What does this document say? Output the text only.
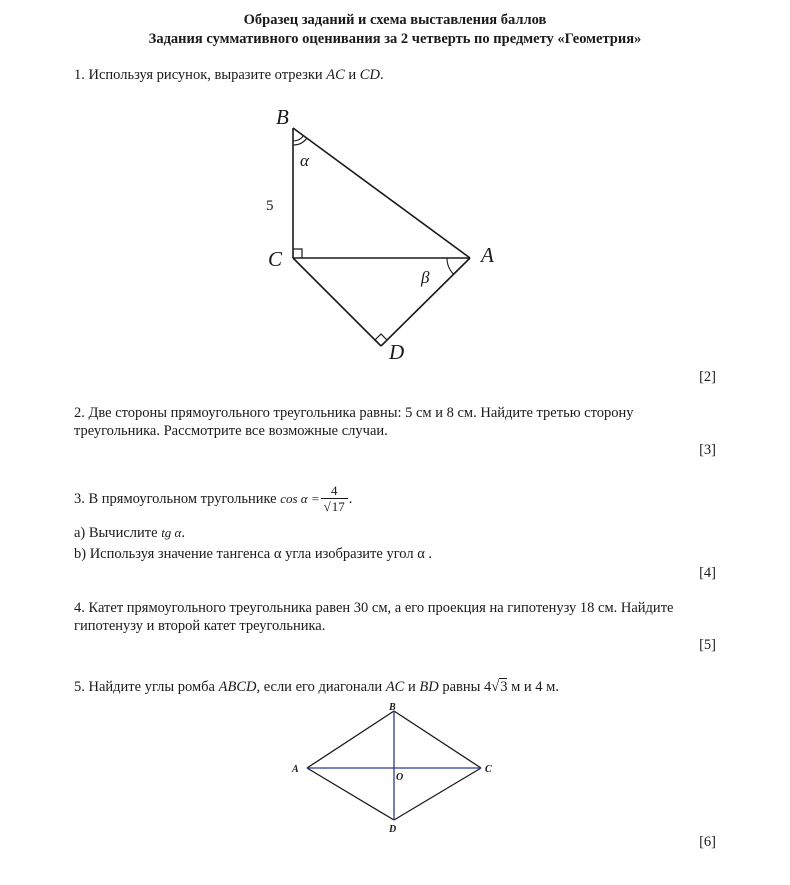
Образец заданий и схема выставления баллов
Задания суммативного оценивания за 2 четверть по предмету «Геометрия»
1. Используя рисунок, выразите отрезки AC и CD.
B
C	A
D
α
β
5
B
A
O
C
D
[2]
2. Две стороны прямоугольного треугольника равны: 5 см и 8 см. Найдите третью сторону треугольника. Рассмотрите все возможные случаи.
[3]
3. В прямоугольном тругольнике $\cos \alpha = \frac{4}{√17}$ .
a) Вычислите tg α.
b) Используя значение тангенса α угла изобразите угол α .
[4]
4. Катет прямоугольного треугольника равен 30 см, а его проекция на гипотенузу 18 см. Найдите гипотенузу и второй катет треугольника.
[5]
5. Найдите углы ромба ABCD, если его диагонали AC и BD равны 4√3 м и 4 м.
[6]
